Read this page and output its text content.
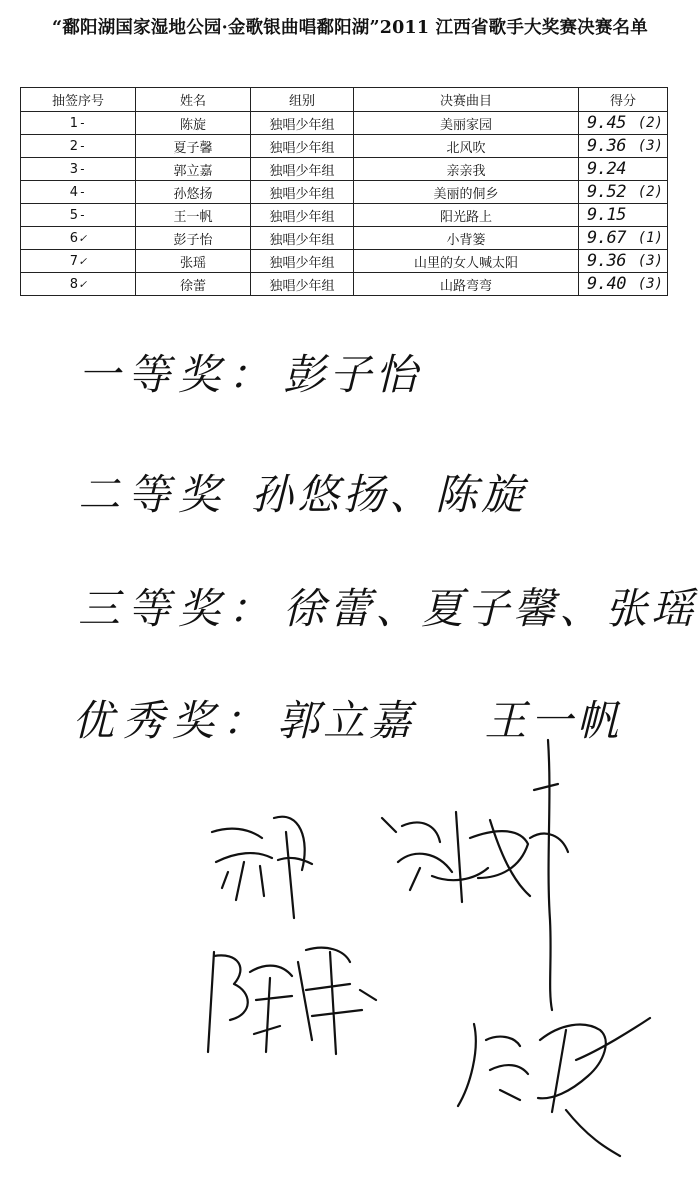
“鄱阳湖国家湿地公园·金歌银曲唱鄱阳湖”2011 江西省歌手大奖赛决赛名单
抽签序号	姓名	组别	决赛曲目	得分
1-	陈旋	独唱少年组	美丽家园	9.45 (2)

2-	夏子馨	独唱少年组	北风吹	9.36 (3)

3-	郭立嘉	独唱少年组	亲亲我	9.24

4-	孙悠扬	独唱少年组	美丽的侗乡	9.52 (2)

5-	王一帆	独唱少年组	阳光路上	9.15

6✓	彭子怡	独唱少年组	小背篓	9.67 (1)

7✓	张瑶	独唱少年组	山里的女人喊太阳	9.36 (3)

8✓	徐蕾	独唱少年组	山路弯弯	9.40 (3)
一等奖： 彭子怡
二等奖 孙悠扬、陈旋
三等奖： 徐蕾、夏子馨、张瑶
优秀奖： 郭立嘉    王一帆
